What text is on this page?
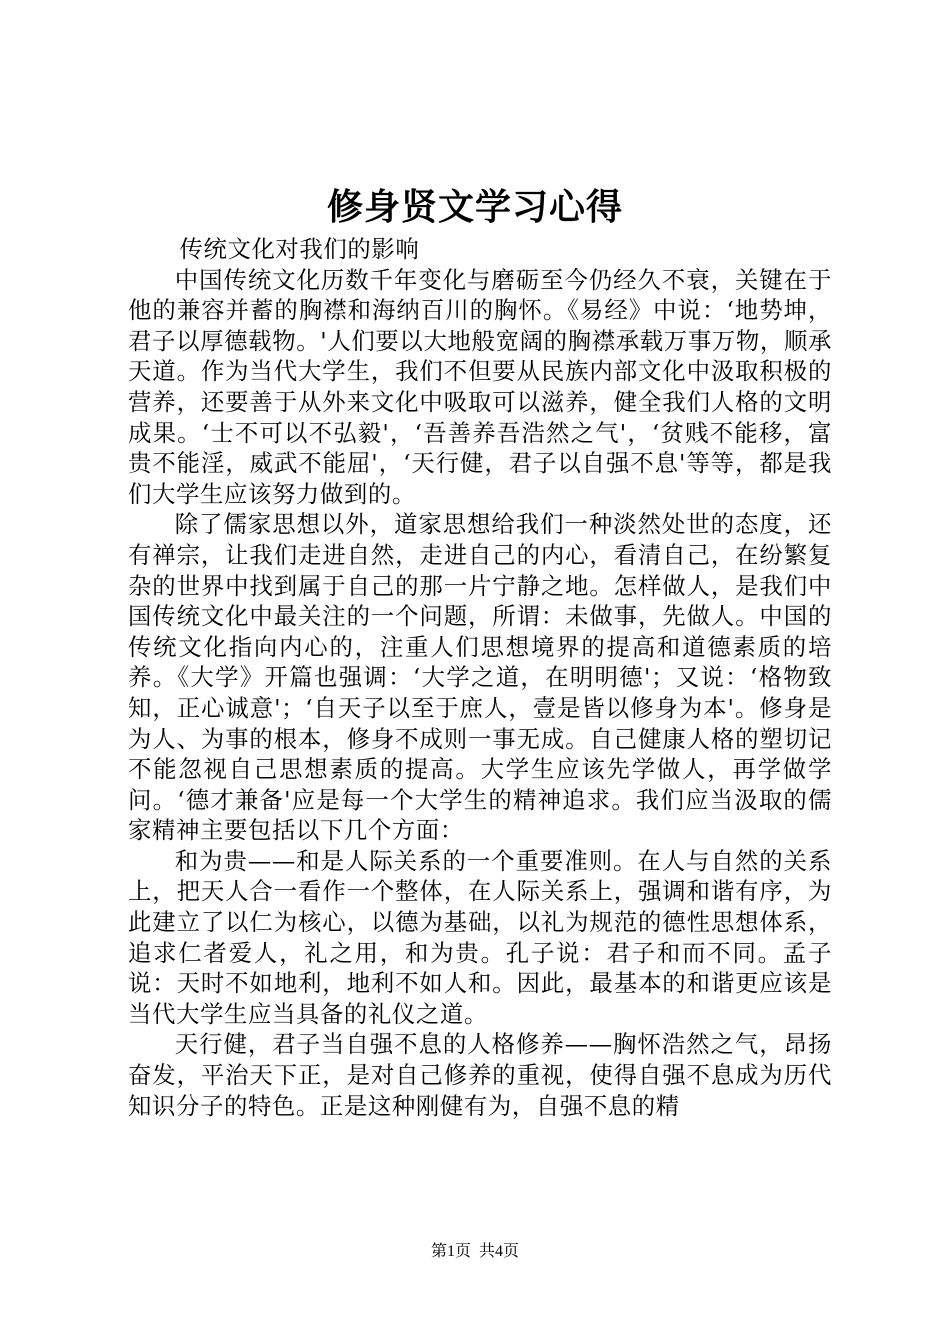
修身贤文学习心得

传统文化对我们的影响

中国传统文化历数千年变化与磨砺至今仍经久不衰，关键在于他的兼容并蓄的胸襟和海纳百川的胸怀。《易经》中说：‘地势坤，君子以厚德载物。'人们要以大地般宽阔的胸襟承载万事万物，顺承天道。作为当代大学生，我们不但要从民族内部文化中汲取积极的营养，还要善于从外来文化中吸取可以滋养，健全我们人格的文明成果。‘士不可以不弘毅'，‘吾善养吾浩然之气'，‘贫贱不能移，富贵不能淫，威武不能屈'，‘天行健，君子以自强不息'等等，都是我们大学生应该努力做到的。

除了儒家思想以外，道家思想给我们一种淡然处世的态度，还有禅宗，让我们走进自然，走进自己的内心，看清自己，在纷繁复杂的世界中找到属于自己的那一片宁静之地。怎样做人，是我们中国传统文化中最关注的一个问题，所谓：未做事，先做人。中国的传统文化指向内心的，注重人们思想境界的提高和道德素质的培养。《大学》开篇也强调：‘大学之道，在明明德'；又说：‘格物致知，正心诚意'；‘自天子以至于庶人，壹是皆以修身为本'。修身是为人、为事的根本，修身不成则一事无成。自己健康人格的塑切记不能忽视自己思想素质的提高。大学生应该先学做人，再学做学问。‘德才兼备'应是每一个大学生的精神追求。我们应当汲取的儒家精神主要包括以下几个方面：

和为贵——和是人际关系的一个重要准则。在人与自然的关系上，把天人合一看作一个整体，在人际关系上，强调和谐有序，为此建立了以仁为核心，以德为基础，以礼为规范的德性思想体系，追求仁者爱人，礼之用，和为贵。孔子说：君子和而不同。孟子说：天时不如地利，地利不如人和。因此，最基本的和谐更应该是当代大学生应当具备的礼仪之道。

天行健，君子当自强不息的人格修养——胸怀浩然之气，昂扬奋发，平治天下正，是对自己修养的重视，使得自强不息成为历代知识分子的特色。正是这种刚健有为，自强不息的精

第1页 共4页
